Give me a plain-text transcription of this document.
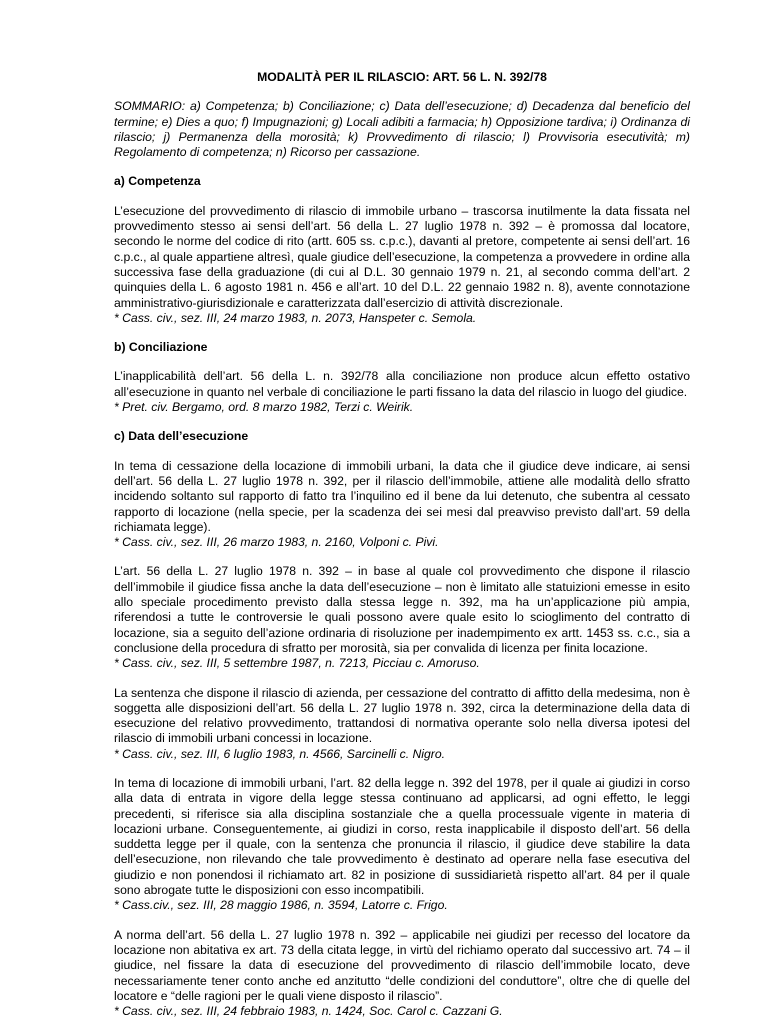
MODALITÀ PER IL RILASCIO: ART. 56 L. N. 392/78

SOMMARIO: a) Competenza; b) Conciliazione; c) Data dell’esecuzione; d) Decadenza dal beneficio del termine; e) Dies a quo; f) Impugnazioni; g) Locali adibiti a farmacia; h) Opposizione tardiva; i) Ordinanza di rilascio; j) Permanenza della morosità; k) Provvedimento di rilascio; l) Provvisoria esecutività; m) Regolamento di competenza; n) Ricorso per cassazione.

a) Competenza

L’esecuzione del provvedimento di rilascio di immobile urbano – trascorsa inutilmente la data fissata nel provvedimento stesso ai sensi dell’art. 56 della L. 27 luglio 1978 n. 392 – è promossa dal locatore, secondo le norme del codice di rito (artt. 605 ss. c.p.c.), davanti al pretore, competente ai sensi dell’art. 16 c.p.c., al quale appartiene altresì, quale giudice dell’esecuzione, la competenza a provvedere in ordine alla successiva fase della graduazione (di cui al D.L. 30 gennaio 1979 n. 21, al secondo comma dell’art. 2 quinquies della L. 6 agosto 1981 n. 456 e all’art. 10 del D.L. 22 gennaio 1982 n. 8), avente connotazione amministrativo-giurisdizionale e caratterizzata dall’esercizio di attività discrezionale.

* Cass. civ., sez. III, 24 marzo 1983, n. 2073, Hanspeter c. Semola.

b) Conciliazione

L’inapplicabilità dell’art. 56 della L. n. 392/78 alla conciliazione non produce alcun effetto ostativo all’esecuzione in quanto nel verbale di conciliazione le parti fissano la data del rilascio in luogo del giudice.

* Pret. civ. Bergamo, ord. 8 marzo 1982, Terzi c. Weirik.

c) Data dell’esecuzione

In tema di cessazione della locazione di immobili urbani, la data che il giudice deve indicare, ai sensi dell’art. 56 della L. 27 luglio 1978 n. 392, per il rilascio dell’immobile, attiene alle modalità dello sfratto incidendo soltanto sul rapporto di fatto tra l’inquilino ed il bene da lui detenuto, che subentra al cessato rapporto di locazione (nella specie, per la scadenza dei sei mesi dal preavviso previsto dall’art. 59 della richiamata legge).

* Cass. civ., sez. III, 26 marzo 1983, n. 2160, Volponi c. Pivi.

L’art. 56 della L. 27 luglio 1978 n. 392 – in base al quale col provvedimento che dispone il rilascio dell’immobile il giudice fissa anche la data dell’esecuzione – non è limitato alle statuizioni emesse in esito allo speciale procedimento previsto dalla stessa legge n. 392, ma ha un’applicazione più ampia, riferendosi a tutte le controversie le quali possono avere quale esito lo scioglimento del contratto di locazione, sia a seguito dell’azione ordinaria di risoluzione per inadempimento ex artt. 1453 ss. c.c., sia a conclusione della procedura di sfratto per morosità, sia per convalida di licenza per finita locazione.

* Cass. civ., sez. III, 5 settembre 1987, n. 7213, Picciau c. Amoruso.

La sentenza che dispone il rilascio di azienda, per cessazione del contratto di affitto della medesima, non è soggetta alle disposizioni dell’art. 56 della L. 27 luglio 1978 n. 392, circa la determinazione della data di esecuzione del relativo provvedimento, trattandosi di normativa operante solo nella diversa ipotesi del rilascio di immobili urbani concessi in locazione.

* Cass. civ., sez. III, 6 luglio 1983, n. 4566, Sarcinelli c. Nigro.

In tema di locazione di immobili urbani, l’art. 82 della legge n. 392 del 1978, per il quale ai giudizi in corso alla data di entrata in vigore della legge stessa continuano ad applicarsi, ad ogni effetto, le leggi precedenti, si riferisce sia alla disciplina sostanziale che a quella processuale vigente in materia di locazioni urbane. Conseguentemente, ai giudizi in corso, resta inapplicabile il disposto dell’art. 56 della suddetta legge per il quale, con la sentenza che pronuncia il rilascio, il giudice deve stabilire la data dell’esecuzione, non rilevando che tale provvedimento è destinato ad operare nella fase esecutiva del giudizio e non ponendosi il richiamato art. 82 in posizione di sussidiarietà rispetto all’art. 84 per il quale sono abrogate tutte le disposizioni con esso incompatibili.

* Cass.civ., sez. III, 28 maggio 1986, n. 3594, Latorre c. Frigo.

A norma dell’art. 56 della L. 27 luglio 1978 n. 392 – applicabile nei giudizi per recesso del locatore da locazione non abitativa ex art. 73 della citata legge, in virtù del richiamo operato dal successivo art. 74 – il giudice, nel fissare la data di esecuzione del provvedimento di rilascio dell’immobile locato, deve necessariamente tener conto anche ed anzitutto “delle condizioni del conduttore”, oltre che di quelle del locatore e “delle ragioni per le quali viene disposto il rilascio”.

* Cass. civ., sez. III, 24 febbraio 1983, n. 1424, Soc. Carol c. Cazzani G.
